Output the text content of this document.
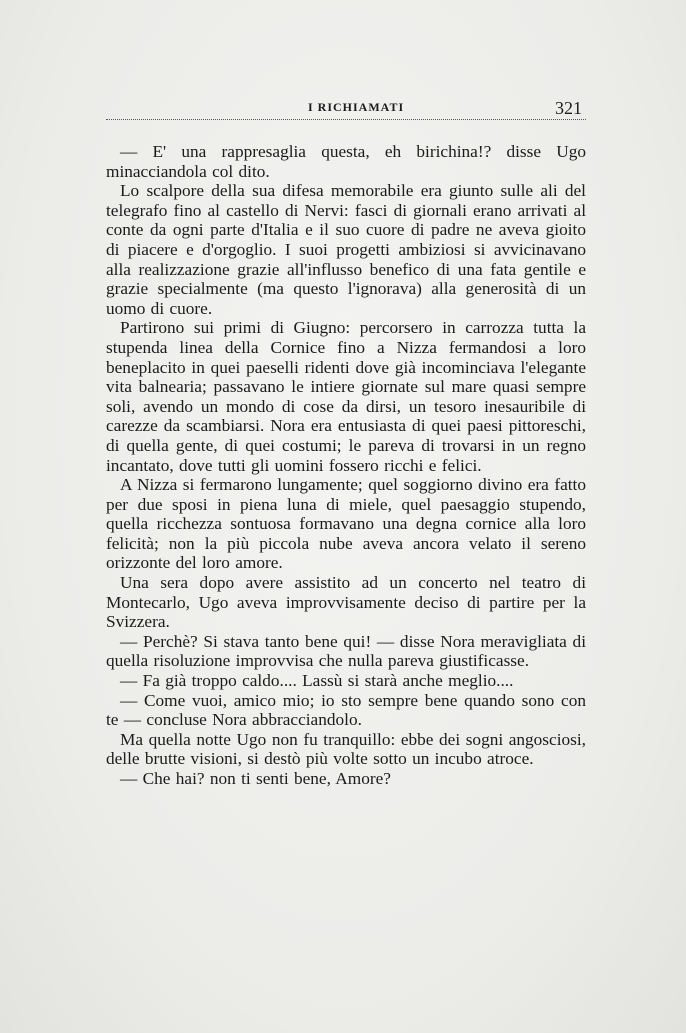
I RICHIAMATI	321

— E' una rappresaglia questa, eh birichina!? disse Ugo minacciandola col dito.

Lo scalpore della sua difesa memorabile era giunto sulle ali del telegrafo fino al castello di Nervi: fasci di giornali erano arrivati al conte da ogni parte d'Italia e il suo cuore di padre ne aveva gioito di piacere e d'orgoglio. I suoi progetti ambiziosi si avvicinavano alla realizzazione grazie all'influsso benefico di una fata gentile e grazie specialmente (ma questo l'ignorava) alla generosità di un uomo di cuore.

Partirono sui primi di Giugno: percorsero in carrozza tutta la stupenda linea della Cornice fino a Nizza fermandosi a loro beneplacito in quei paeselli ridenti dove già incominciava l'elegante vita balnearia; passavano le intiere giornate sul mare quasi sempre soli, avendo un mondo di cose da dirsi, un tesoro inesauribile di carezze da scambiarsi. Nora era entusiasta di quei paesi pittoreschi, di quella gente, di quei costumi; le pareva di trovarsi in un regno incantato, dove tutti gli uomini fossero ricchi e felici.

A Nizza si fermarono lungamente; quel soggiorno divino era fatto per due sposi in piena luna di miele, quel paesaggio stupendo, quella ricchezza sontuosa formavano una degna cornice alla loro felicità; non la più piccola nube aveva ancora velato il sereno orizzonte del loro amore.

Una sera dopo avere assistito ad un concerto nel teatro di Montecarlo, Ugo aveva improvvisamente deciso di partire per la Svizzera.

— Perchè? Si stava tanto bene qui! — disse Nora meravigliata di quella risoluzione improvvisa che nulla pareva giustificasse.

— Fa già troppo caldo.... Lassù si starà anche meglio....

— Come vuoi, amico mio; io sto sempre bene quando sono con te — concluse Nora abbracciandolo.

Ma quella notte Ugo non fu tranquillo: ebbe dei sogni angosciosi, delle brutte visioni, si destò più volte sotto un incubo atroce.

— Che hai? non ti senti bene, Amore?
